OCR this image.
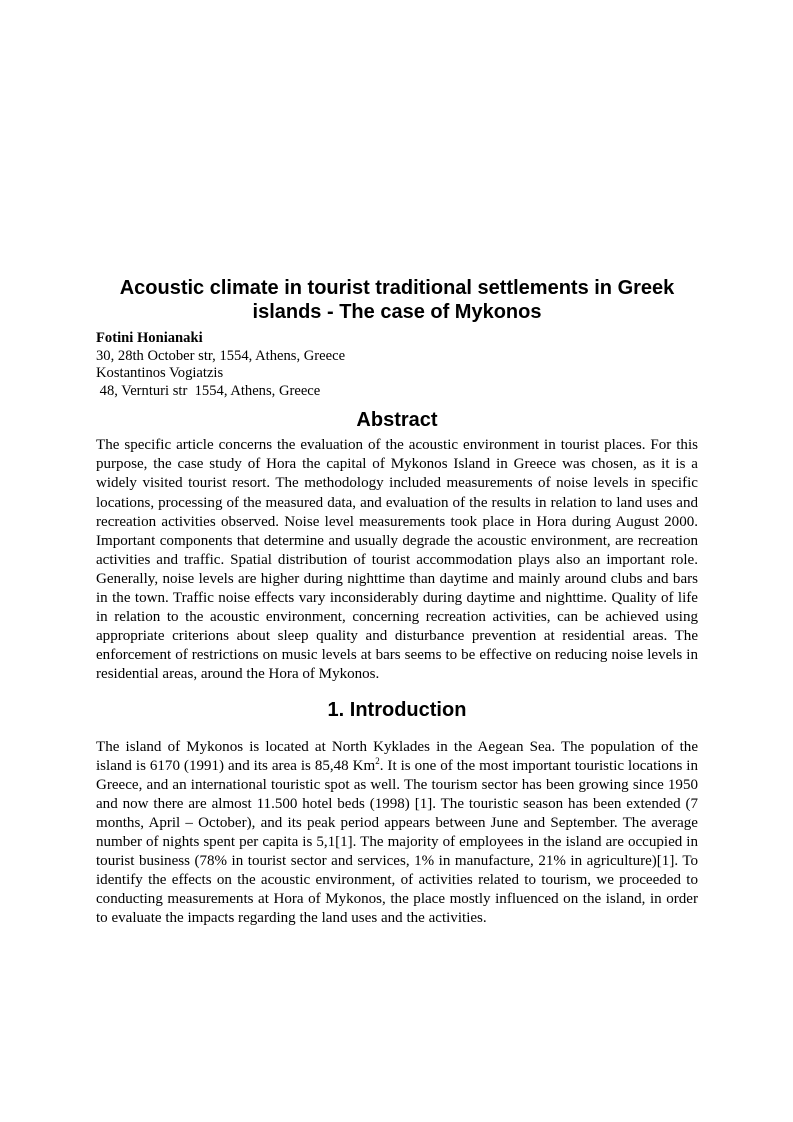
Acoustic climate in tourist traditional settlements in Greek islands - The case of Mykonos
Fotini Honianaki
30, 28th October str, 1554, Athens, Greece
Kostantinos Vogiatzis
48, Vernturi str  1554, Athens, Greece
Abstract

The specific article concerns the evaluation of the acoustic environment in tourist places. For this purpose, the case study of Hora the capital of Mykonos Island in Greece was chosen, as it is a widely visited tourist resort. The methodology included measurements of noise levels in specific locations, processing of the measured data, and evaluation of the results in relation to land uses and recreation activities observed. Noise level measurements took place in Hora during August 2000. Important components that determine and usually degrade the acoustic environment, are recreation activities and traffic. Spatial distribution of tourist accommodation plays also an important role. Generally, noise levels are higher during nighttime than daytime and mainly around clubs and bars in the town. Traffic noise effects vary inconsiderably during daytime and nighttime. Quality of life in relation to the acoustic environment, concerning recreation activities, can be achieved using appropriate criterions about sleep quality and disturbance prevention at residential areas. The enforcement of restrictions on music levels at bars seems to be effective on reducing noise levels in residential areas, around the Hora of Mykonos.

1. Introduction

The island of Mykonos is located at North Kyklades in the Aegean Sea. The population of the island is 6170 (1991) and its area is 85,48 Km$^2$. It is one of the most important touristic locations in Greece, and an international touristic spot as well. The tourism sector has been growing since 1950 and now there are almost 11.500 hotel beds (1998) [1]. The touristic season has been extended (7 months, April – October), and its peak period appears between June and September. The average number of nights spent per capita is 5,1[1]. The majority of employees in the island are occupied in tourist business (78% in tourist sector and services, 1% in manufacture, 21% in agriculture)[1]. To identify the effects on the acoustic environment, of activities related to tourism, we proceeded to conducting measurements at Hora of Mykonos, the place mostly influenced on the island, in order to evaluate the impacts regarding the land uses and the activities.
